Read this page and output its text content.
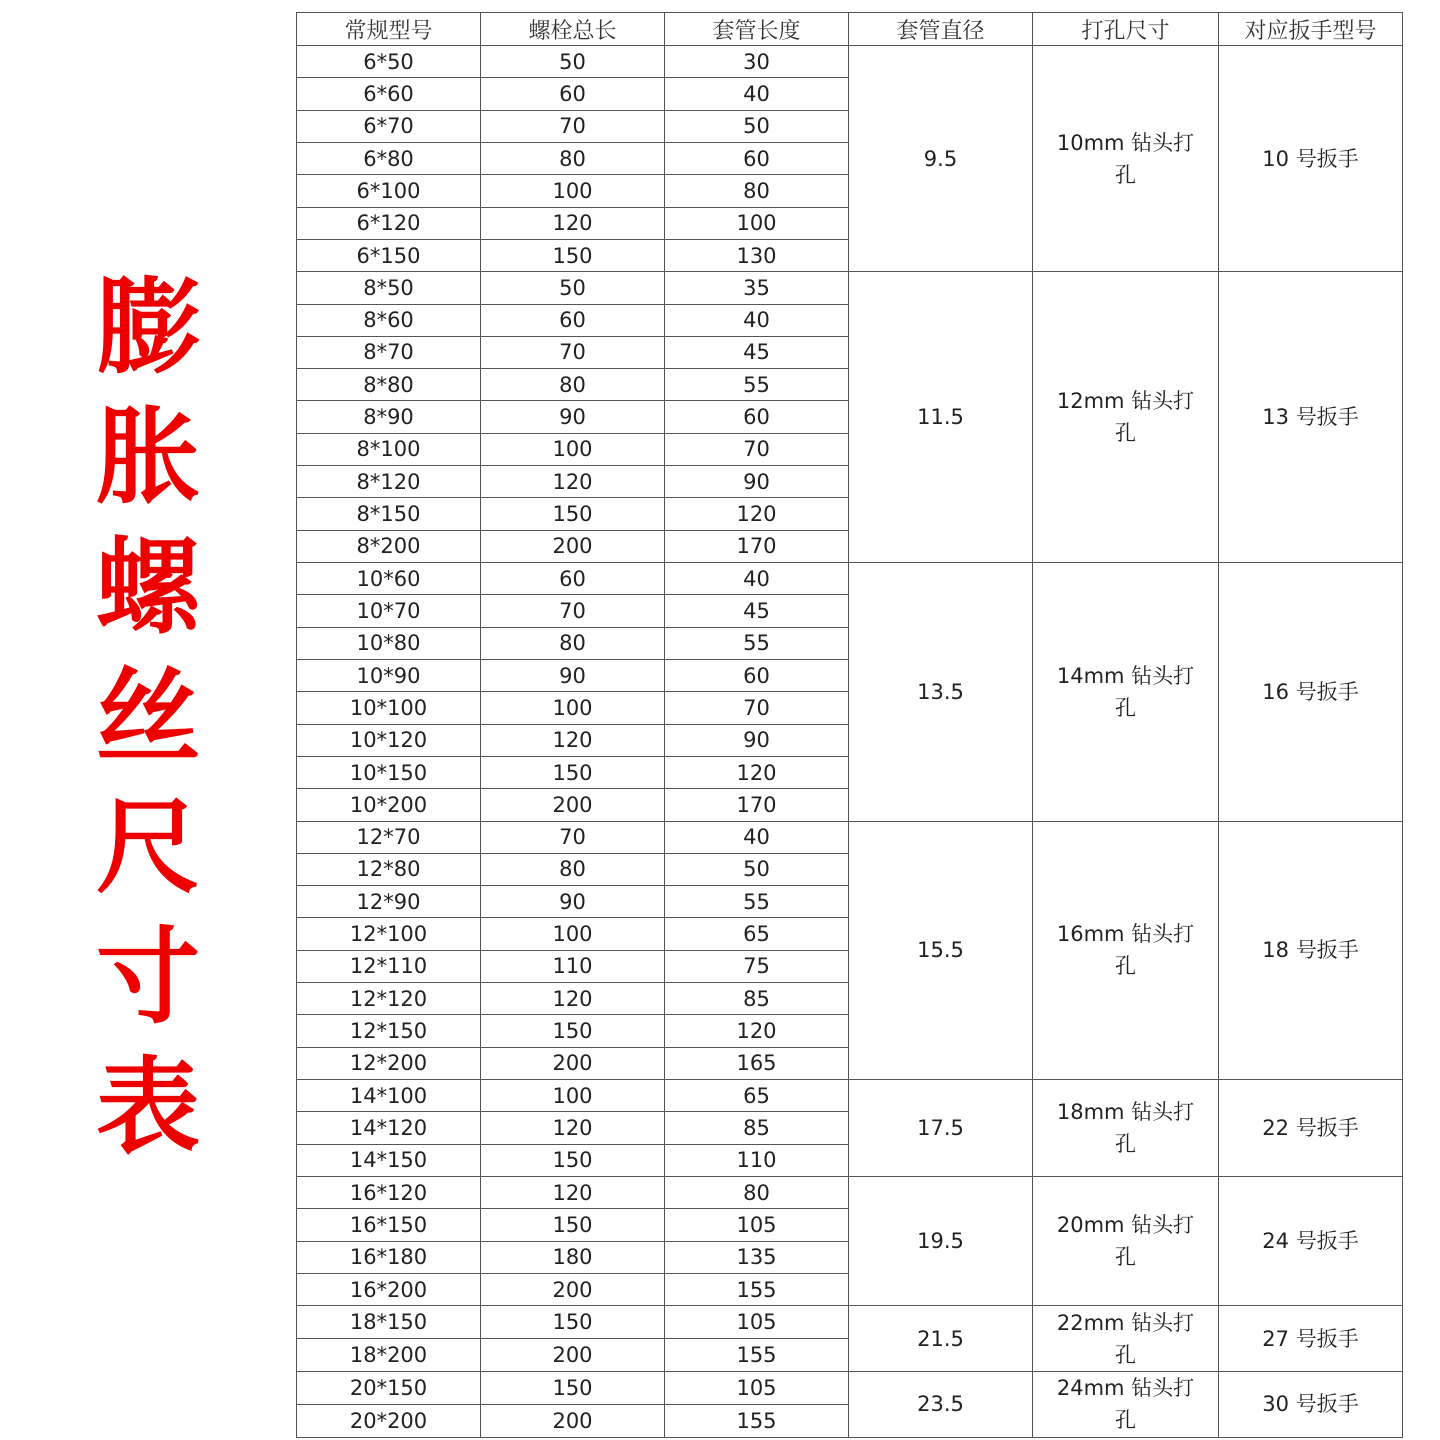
膨
胀
螺
丝
尺
寸
表
常规型号	螺栓总长	套管长度	套管直径	打孔尺寸	对应扳手型号
6*50	50	30	9.5	10mm 钻头打孔	10 号扳手
6*60	60	40			
6*70	70	50			
6*80	80	60			
6*100	100	80			
6*120	120	100			
6*150	150	130			
8*50	50	35	11.5	12mm 钻头打孔	13 号扳手
8*60	60	40			
8*70	70	45			
8*80	80	55			
8*90	90	60			
8*100	100	70			
8*120	120	90			
8*150	150	120			
8*200	200	170			
10*60	60	40	13.5	14mm 钻头打孔	16 号扳手
10*70	70	45			
10*80	80	55			
10*90	90	60			
10*100	100	70			
10*120	120	90			
10*150	150	120			
10*200	200	170			
12*70	70	40	15.5	16mm 钻头打孔	18 号扳手
12*80	80	50			
12*90	90	55			
12*100	100	65			
12*110	110	75			
12*120	120	85			
12*150	150	120			
12*200	200	165			
14*100	100	65	17.5	18mm 钻头打孔	22 号扳手
14*120	120	85			
14*150	150	110			
16*120	120	80	19.5	20mm 钻头打孔	24 号扳手
16*150	150	105			
16*180	180	135			
16*200	200	155			
18*150	150	105	21.5	22mm 钻头打孔	27 号扳手
18*200	200	155			
20*150	150	105	23.5	24mm 钻头打孔	30 号扳手
20*200	200	155			
